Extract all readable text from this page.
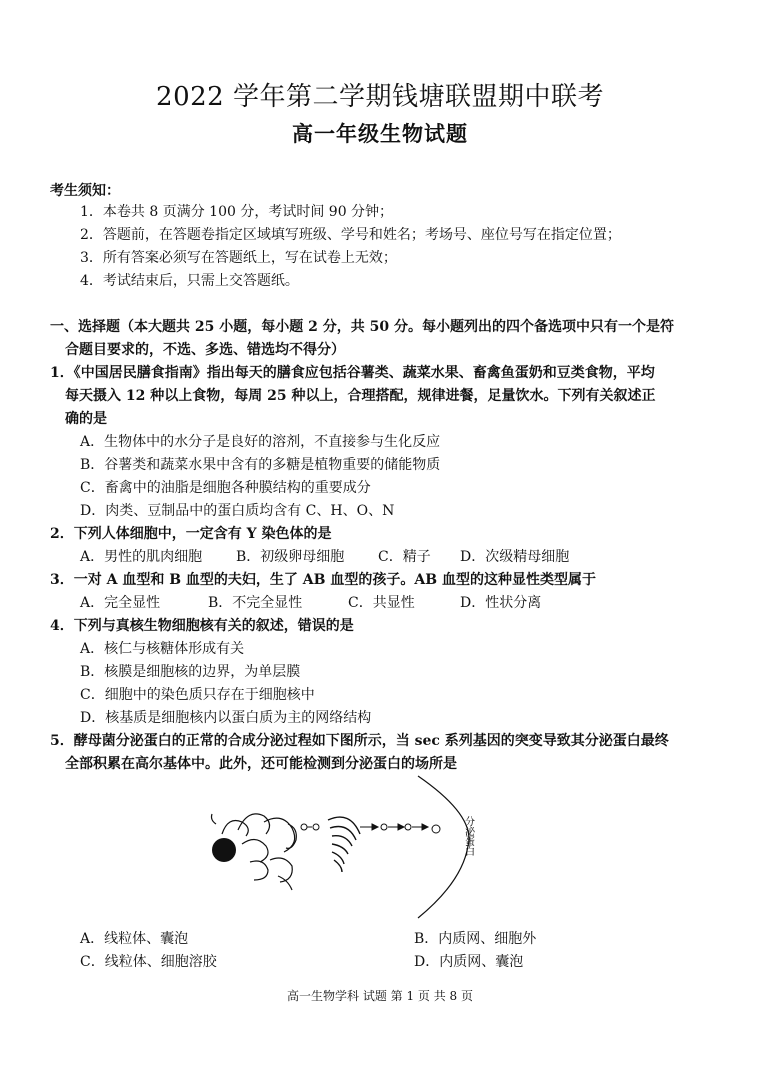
2022 学年第二学期钱塘联盟期中联考
高一年级生物试题
考生须知：
1．本卷共 8 页满分 100 分，考试时间 90 分钟；
2．答题前，在答题卷指定区域填写班级、学号和姓名；考场号、座位号写在指定位置；
3．所有答案必须写在答题纸上，写在试卷上无效；
4．考试结束后，只需上交答题纸。
一、选择题（本大题共 25 小题，每小题 2 分，共 50 分。每小题列出的四个备选项中只有一个是符
合题目要求的，不选、多选、错选均不得分）
1．《中国居民膳食指南》指出每天的膳食应包括谷薯类、蔬菜水果、畜禽鱼蛋奶和豆类食物，平均
每天摄入 12 种以上食物，每周 25 种以上，合理搭配，规律进餐，足量饮水。下列有关叙述正
确的是
A．生物体中的水分子是良好的溶剂，不直接参与生化反应
B．谷薯类和蔬菜水果中含有的多糖是植物重要的储能物质
C．畜禽中的油脂是细胞各种膜结构的重要成分
D．肉类、豆制品中的蛋白质均含有 C、H、O、N
2．下列人体细胞中，一定含有 Y 染色体的是
A．男性的肌肉细胞 B．初级卵母细胞 C．精子 D．次级精母细胞
3．一对 A 血型和 B 血型的夫妇，生了 AB 血型的孩子。AB 血型的这种显性类型属于
A．完全显性	B．不完全显性	C．共显性	D．性状分离
4．下列与真核生物细胞核有关的叙述，错误的是
A．核仁与核糖体形成有关
B．核膜是细胞核的边界，为单层膜
C．细胞中的染色质只存在于细胞核中
D．核基质是细胞核内以蛋白质为主的网络结构
5．酵母菌分泌蛋白的正常的合成分泌过程如下图所示，当 sec 系列基因的突变导致其分泌蛋白最终
全部积累在高尔基体中。此外，还可能检测到分泌蛋白的场所是
分泌蛋白
A．线粒体、囊泡	B．内质网、细胞外
C．线粒体、细胞溶胶	D．内质网、囊泡
高一生物学科 试题 第 1 页 共 8 页
